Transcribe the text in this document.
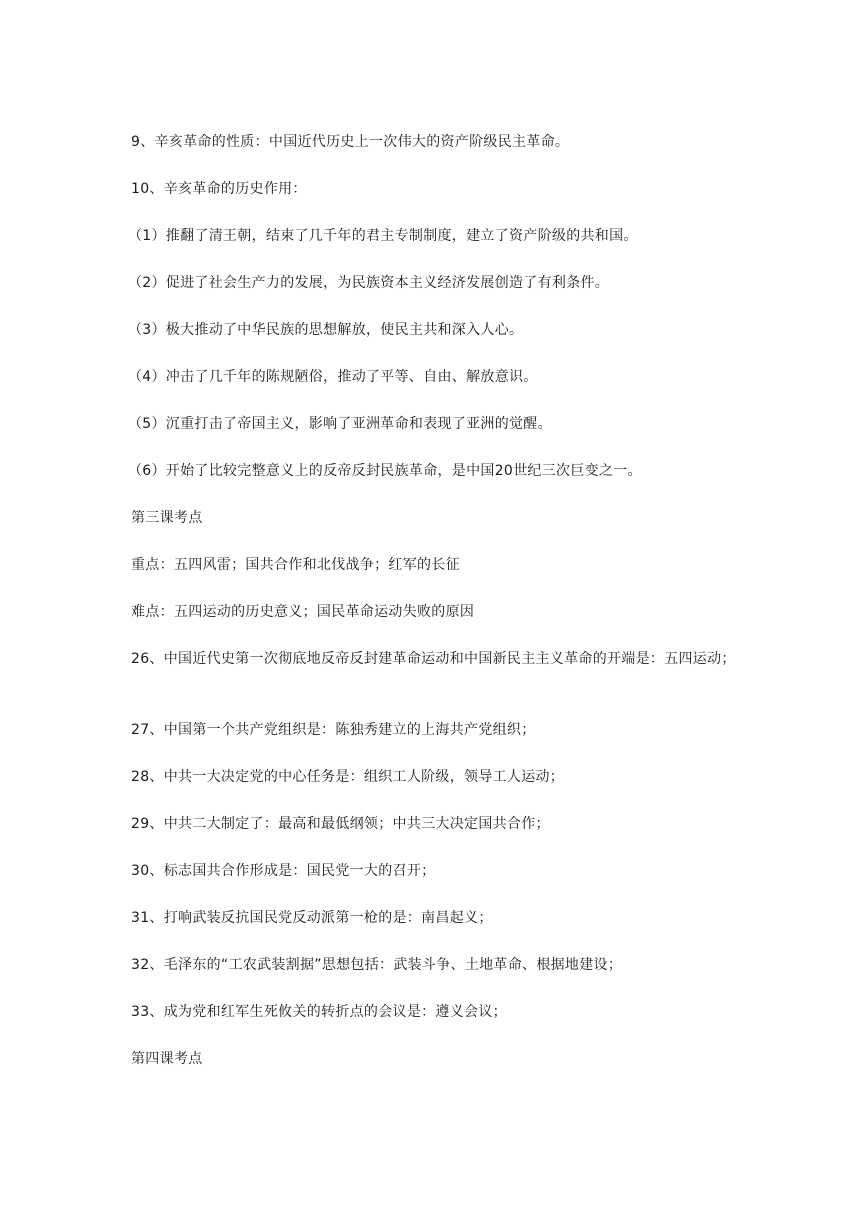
9、辛亥革命的性质：中国近代历史上一次伟大的资产阶级民主革命。
10、辛亥革命的历史作用：
（1）推翻了清王朝，结束了几千年的君主专制制度，建立了资产阶级的共和国。
（2）促进了社会生产力的发展，为民族资本主义经济发展创造了有利条件。
（3）极大推动了中华民族的思想解放，使民主共和深入人心。
（4）冲击了几千年的陈规陋俗，推动了平等、自由、解放意识。
（5）沉重打击了帝国主义，影响了亚洲革命和表现了亚洲的觉醒。
（6）开始了比较完整意义上的反帝反封民族革命，是中国20世纪三次巨变之一。
第三课考点
重点：五四风雷；国共合作和北伐战争；红军的长征
难点：五四运动的历史意义；国民革命运动失败的原因
26、中国近代史第一次彻底地反帝反封建革命运动和中国新民主主义革命的开端是：五四运动；
27、中国第一个共产党组织是：陈独秀建立的上海共产党组织；
28、中共一大决定党的中心任务是：组织工人阶级，领导工人运动；
29、中共二大制定了：最高和最低纲领；中共三大决定国共合作；
30、标志国共合作形成是：国民党一大的召开；
31、打响武装反抗国民党反动派第一枪的是：南昌起义；
32、毛泽东的“工农武装割据”思想包括：武装斗争、土地革命、根据地建设；
33、成为党和红军生死攸关的转折点的会议是：遵义会议；
第四课考点
